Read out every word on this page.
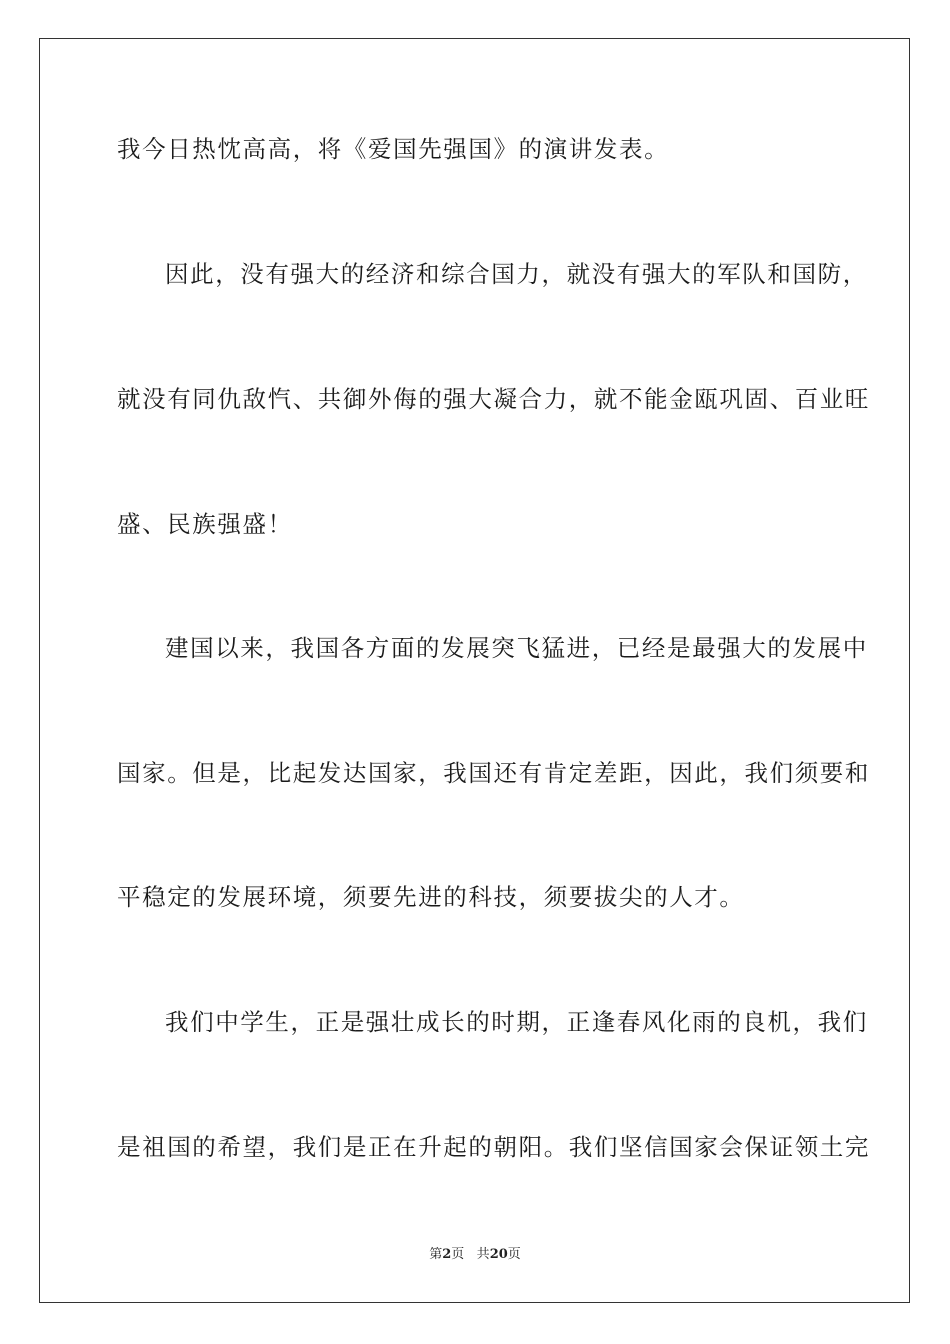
我今日热忱高高，将《爱国先强国》的演讲发表。
因此，没有强大的经济和综合国力，就没有强大的军队和国防，
就没有同仇敌忾、共御外侮的强大凝合力，就不能金瓯巩固、百业旺
盛、民族强盛！
建国以来，我国各方面的发展突飞猛进，已经是最强大的发展中
国家。但是，比起发达国家，我国还有肯定差距，因此，我们须要和
平稳定的发展环境，须要先进的科技，须要拔尖的人才。
我们中学生，正是强壮成长的时期，正逢春风化雨的良机，我们
是祖国的希望，我们是正在升起的朝阳。我们坚信国家会保证领土完
第2页 共20页
